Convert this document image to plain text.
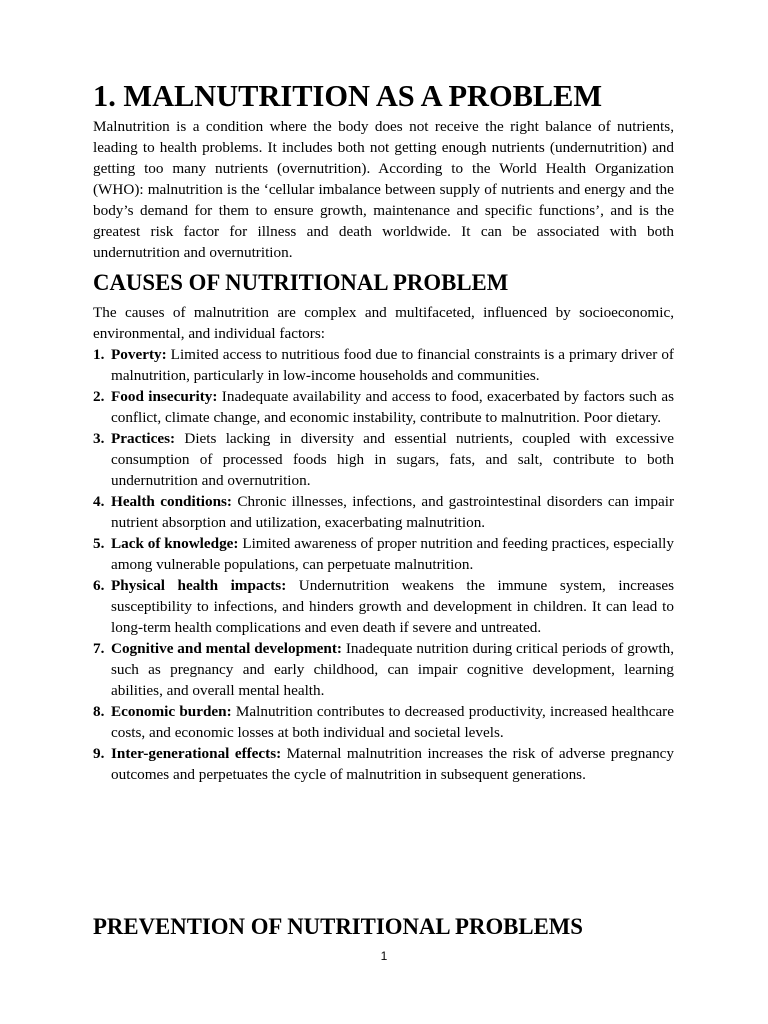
1. MALNUTRITION AS A PROBLEM

Malnutrition is a condition where the body does not receive the right balance of nutrients, leading to health problems. It includes both not getting enough nutrients (undernutrition) and getting too many nutrients (overnutrition). According to the World Health Organization (WHO): malnutrition is the ‘cellular imbalance between supply of nutrients and energy and the body’s demand for them to ensure growth, maintenance and specific functions’, and is the greatest risk factor for illness and death worldwide. It can be associated with both undernutrition and overnutrition.

CAUSES OF NUTRITIONAL PROBLEM

The causes of malnutrition are complex and multifaceted, influenced by socioeconomic, environmental, and individual factors:

1. Poverty: Limited access to nutritious food due to financial constraints is a primary driver of malnutrition, particularly in low-income households and communities.
2. Food insecurity: Inadequate availability and access to food, exacerbated by factors such as conflict, climate change, and economic instability, contribute to malnutrition. Poor dietary.
3. Practices: Diets lacking in diversity and essential nutrients, coupled with excessive consumption of processed foods high in sugars, fats, and salt, contribute to both undernutrition and overnutrition.
4. Health conditions: Chronic illnesses, infections, and gastrointestinal disorders can impair nutrient absorption and utilization, exacerbating malnutrition.
5. Lack of knowledge: Limited awareness of proper nutrition and feeding practices, especially among vulnerable populations, can perpetuate malnutrition.
6. Physical health impacts: Undernutrition weakens the immune system, increases susceptibility to infections, and hinders growth and development in children. It can lead to long-term health complications and even death if severe and untreated.
7. Cognitive and mental development: Inadequate nutrition during critical periods of growth, such as pregnancy and early childhood, can impair cognitive development, learning abilities, and overall mental health.
8. Economic burden: Malnutrition contributes to decreased productivity, increased healthcare costs, and economic losses at both individual and societal levels.
9. Inter-generational effects: Maternal malnutrition increases the risk of adverse pregnancy outcomes and perpetuates the cycle of malnutrition in subsequent generations.
PREVENTION OF NUTRITIONAL PROBLEMS
1
